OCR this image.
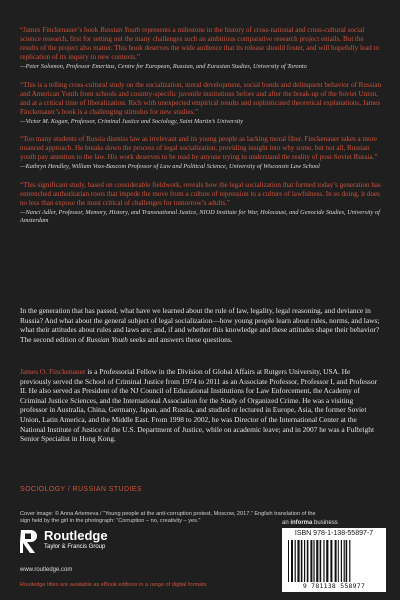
“James Finckenauer’s book Russian Youth represents a milestone in the history of cross-national and cross-cultural social science research, first for setting out the many challenges such an ambitious comparative research project entails. But the results of the project also matter. This book deserves the wide audience that its release should foster, and will hopefully lead to replication of its inquiry in new contexts.”

—Peter Solomon, Professor Emeritus, Centre for European, Russian, and Eurasian Studies, University of Toronto

“This is a telling cross-cultural study on the socialization, moral development, social bonds and delinquent behavior of Russian and American Youth from schools and country-specific juvenile institutions before and after the break-up of the Soviet Union, and at a critical time of liberalization. Rich with unexpected empirical results and sophisticated theoretical explanations, James Finckenauer’s book is a challenging stimulus for new studies.”

—Victor M. Kogan, Professor, Criminal Justice and Sociology, Saint Martin’s University

“Too many students of Russia dismiss law as irrelevant and its young people as lacking moral fiber. Finckenauer takes a more nuanced approach. He breaks down the process of legal socialization, providing insight into why some, but not all, Russian youth pay attention to the law. His work deserves to be read by anyone trying to understand the reality of post-Soviet Russia.”

—Kathryn Hendley, William Voss-Bascom Professor of Law and Political Science, University of Wisconsin Law School

“This significant study, based on considerable fieldwork, reveals how the legal socialization that formed today’s generation has entrenched authoritarian roots that impede the move from a culture of repression to a culture of lawfulness. In so doing, it does no less than expose the most critical of challenges for tomorrow’s adults.”

—Nanci Adler, Professor, Memory, History, and Transnational Justice, NIOD Institute for War, Holocaust, and Genocide Studies, University of Amsterdam

In the generation that has passed, what have we learned about the rule of law, legality, legal reasoning, and deviance in Russia? And what about the general subject of legal socialization—how young people learn about rules, norms, and laws; what their attitudes about rules and laws are; and, if and whether this knowledge and these attitudes shape their behavior? The second edition of Russian Youth seeks and answers these questions.

James O. Finckenauer is a Professorial Fellow in the Division of Global Affairs at Rutgers University, USA. He previously served the School of Criminal Justice from 1974 to 2011 as an Associate Professor, Professor I, and Professor II. He also served as President of the NJ Council of Educational Institutions for Law Enforcement, the Academy of Criminal Justice Sciences, and the International Association for the Study of Organized Crime. He was a visiting professor in Australia, China, Germany, Japan, and Russia, and studied or lectured in Europe, Asia, the former Soviet Union, Latin America, and the Middle East. From 1998 to 2002, he was Director of the International Center at the National Institute of Justice of the U.S. Department of Justice, while on academic leave; and in 2007 he was a Fulbright Senior Specialist in Hong Kong.

SOCIOLOGY / RUSSIAN STUDIES

Cover image: © Anna Artemeva / “Young people at the anti-corruption protest, Moscow, 2017.” English translation of the sign held by the girl in the photograph: “Corruption – no, creativity – yes.”

Routledge
Taylor & Francis Group
www.routledge.com
Routledge titles are available as eBook editions in a range of digital formats
an informa business
ISBN 978-1-138-55897-7
9 781138 558977
